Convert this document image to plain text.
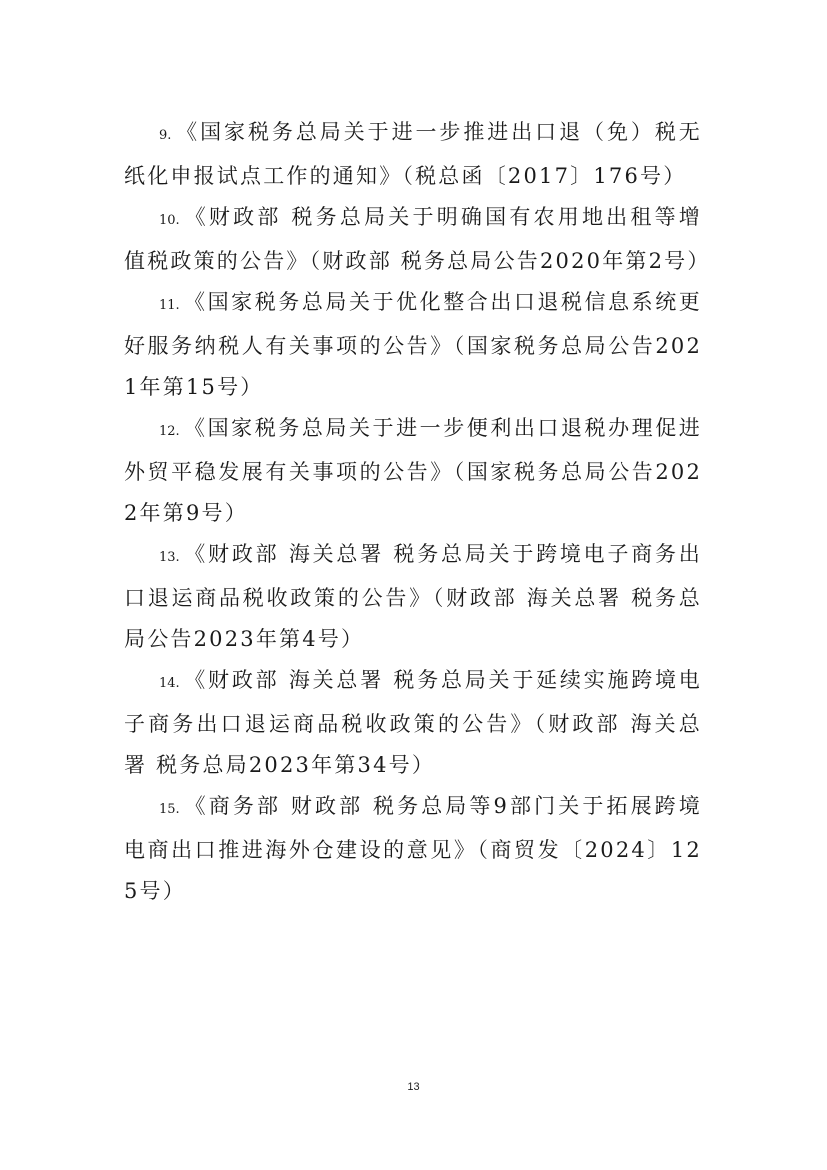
9. 《国家税务总局关于进一步推进出口退（免）税无纸化申报试点工作的通知》（税总函〔2017〕176号）

10. 《财政部 税务总局关于明确国有农用地出租等增值税政策的公告》（财政部 税务总局公告2020年第2号）

11. 《国家税务总局关于优化整合出口退税信息系统更好服务纳税人有关事项的公告》（国家税务总局公告2021年第15号）

12. 《国家税务总局关于进一步便利出口退税办理促进外贸平稳发展有关事项的公告》（国家税务总局公告2022年第9号）

13. 《财政部 海关总署 税务总局关于跨境电子商务出口退运商品税收政策的公告》（财政部 海关总署 税务总局公告2023年第4号）

14. 《财政部 海关总署 税务总局关于延续实施跨境电子商务出口退运商品税收政策的公告》（财政部 海关总署 税务总局2023年第34号）

15. 《商务部 财政部 税务总局等9部门关于拓展跨境电商出口推进海外仓建设的意见》（商贸发〔2024〕125号）

13
